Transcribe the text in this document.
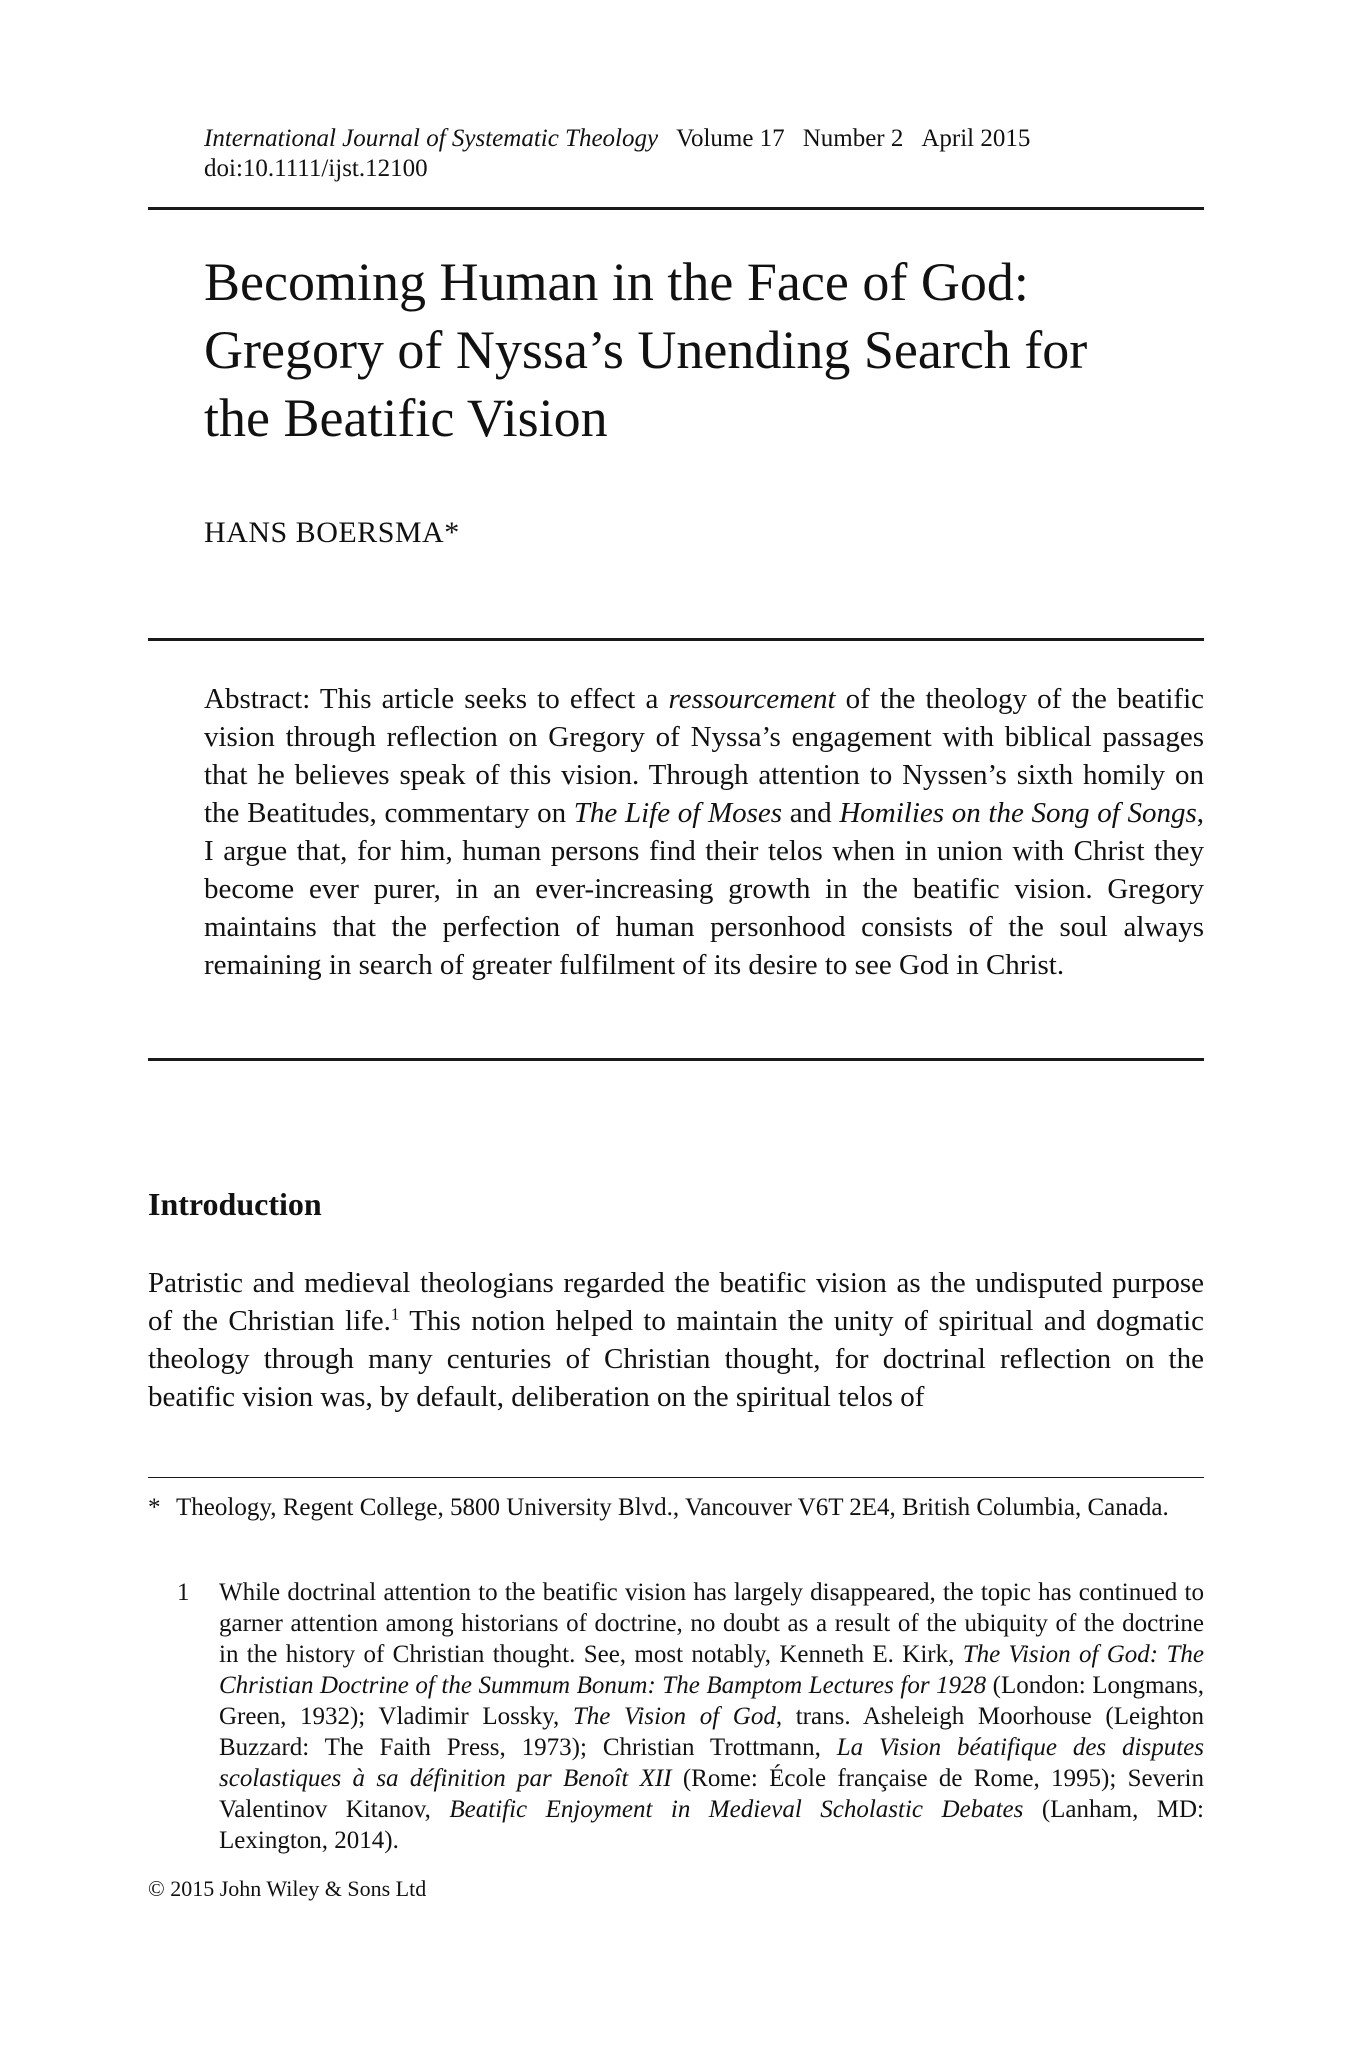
International Journal of Systematic Theology Volume 17 Number 2 April 2015
doi:10.1111/ijst.12100
Becoming Human in the Face of God:
Gregory of Nyssa’s Unending Search for
the Beatific Vision
HANS BOERSMA*

Abstract: This article seeks to effect a ressourcement of the theology of the beatific vision through reflection on Gregory of Nyssa’s engagement with biblical passages that he believes speak of this vision. Through attention to Nyssen’s sixth homily on the Beatitudes, commentary on The Life of Moses and Homilies on the Song of Songs, I argue that, for him, human persons find their telos when in union with Christ they become ever purer, in an ever-increasing growth in the beatific vision. Gregory maintains that the perfection of human personhood consists of the soul always remaining in search of greater fulfilment of its desire to see God in Christ.

Introduction

Patristic and medieval theologians regarded the beatific vision as the undisputed purpose of the Christian life.$^1$ This notion helped to maintain the unity of spiritual and dogmatic theology through many centuries of Christian thought, for doctrinal reflection on the beatific vision was, by default, deliberation on the spiritual telos of

* Theology, Regent College, 5800 University Blvd., Vancouver V6T 2E4, British Columbia, Canada.

1 While doctrinal attention to the beatific vision has largely disappeared, the topic has continued to garner attention among historians of doctrine, no doubt as a result of the ubiquity of the doctrine in the history of Christian thought. See, most notably, Kenneth E. Kirk, The Vision of God: The Christian Doctrine of the Summum Bonum: The Bamptom Lectures for 1928 (London: Longmans, Green, 1932); Vladimir Lossky, The Vision of God, trans. Asheleigh Moorhouse (Leighton Buzzard: The Faith Press, 1973); Christian Trottmann, La Vision béatifique des disputes scolastiques à sa définition par Benoît XII (Rome: École française de Rome, 1995); Severin Valentinov Kitanov, Beatific Enjoyment in Medieval Scholastic Debates (Lanham, MD: Lexington, 2014).

© 2015 John Wiley & Sons Ltd
